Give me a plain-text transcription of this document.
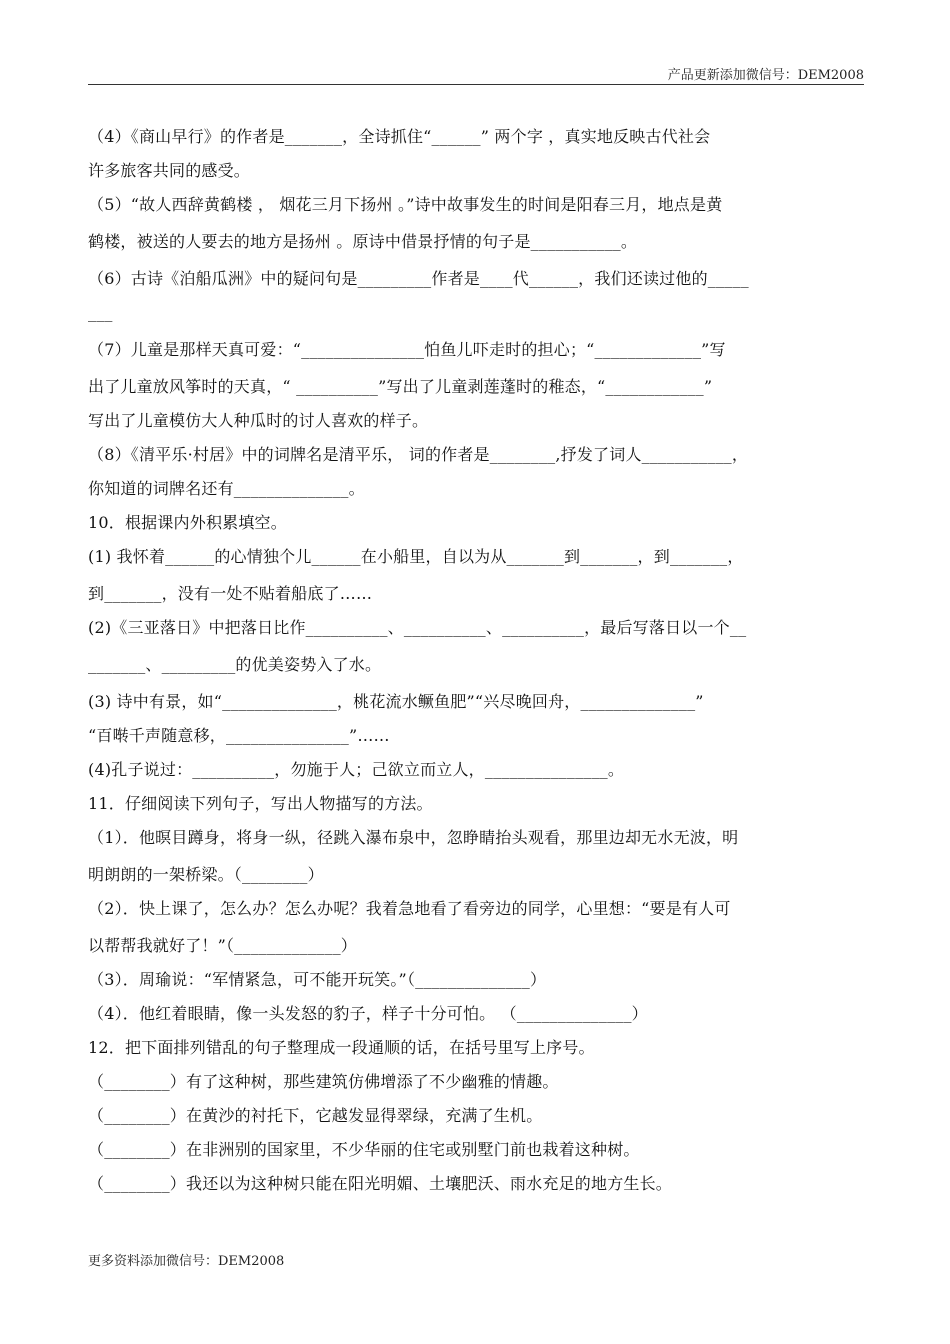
产品更新添加微信号：DEM2008
（4）《商山早行》的作者是_______，全诗抓住“______” 两个字 ，真实地反映古代社会
许多旅客共同的感受。
（5）“故人西辞黄鹤楼 ， 烟花三月下扬州 。”诗中故事发生的时间是阳春三月，地点是黄
鹤楼，被送的人要去的地方是扬州 。原诗中借景抒情的句子是___________。
（6）古诗《泊船瓜洲》中的疑问句是_________作者是____代______，我们还读过他的_____
___
（7）儿童是那样天真可爱：“_______________怕鱼儿吓走时的担心；“_____________”写
出了儿童放风筝时的天真，“ __________”写出了儿童剥莲蓬时的稚态，“____________”
写出了儿童模仿大人种瓜时的讨人喜欢的样子。
（8）《清平乐·村居》中的词牌名是清平乐， 词的作者是________,抒发了词人___________，
你知道的词牌名还有______________。
10．根据课内外积累填空。
(1) 我怀着______的心情独个儿______在小船里，自以为从_______到_______，到_______，
到_______，没有一处不贴着船底了……
(2)《三亚落日》中把落日比作__________、__________、__________，最后写落日以一个__
_______、_________的优美姿势入了水。
(3) 诗中有景，如“______________，桃花流水鳜鱼肥”“兴尽晚回舟，______________”
“百啭千声随意移，_______________”……
(4)孔子说过：__________，勿施于人；己欲立而立人，_______________。
11．仔细阅读下列句子，写出人物描写的方法。
（1）．他暝目蹲身，将身一纵，径跳入瀑布泉中，忽睁睛抬头观看，那里边却无水无波，明
明朗朗的一架桥梁。（________）
（2）．快上课了，怎么办？怎么办呢？我着急地看了看旁边的同学，心里想：“要是有人可
以帮帮我就好了！”（_____________）
（3）．周瑜说：“军情紧急，可不能开玩笑。”（______________）
（4）．他红着眼睛，像一头发怒的豹子，样子十分可怕。 （______________）
12．把下面排列错乱的句子整理成一段通顺的话，在括号里写上序号。
（________）有了这种树，那些建筑仿佛增添了不少幽雅的情趣。
（________）在黄沙的衬托下，它越发显得翠绿，充满了生机。
（________）在非洲别的国家里，不少华丽的住宅或别墅门前也栽着这种树。
（________）我还以为这种树只能在阳光明媚、土壤肥沃、雨水充足的地方生长。
更多资料添加微信号：DEM2008
